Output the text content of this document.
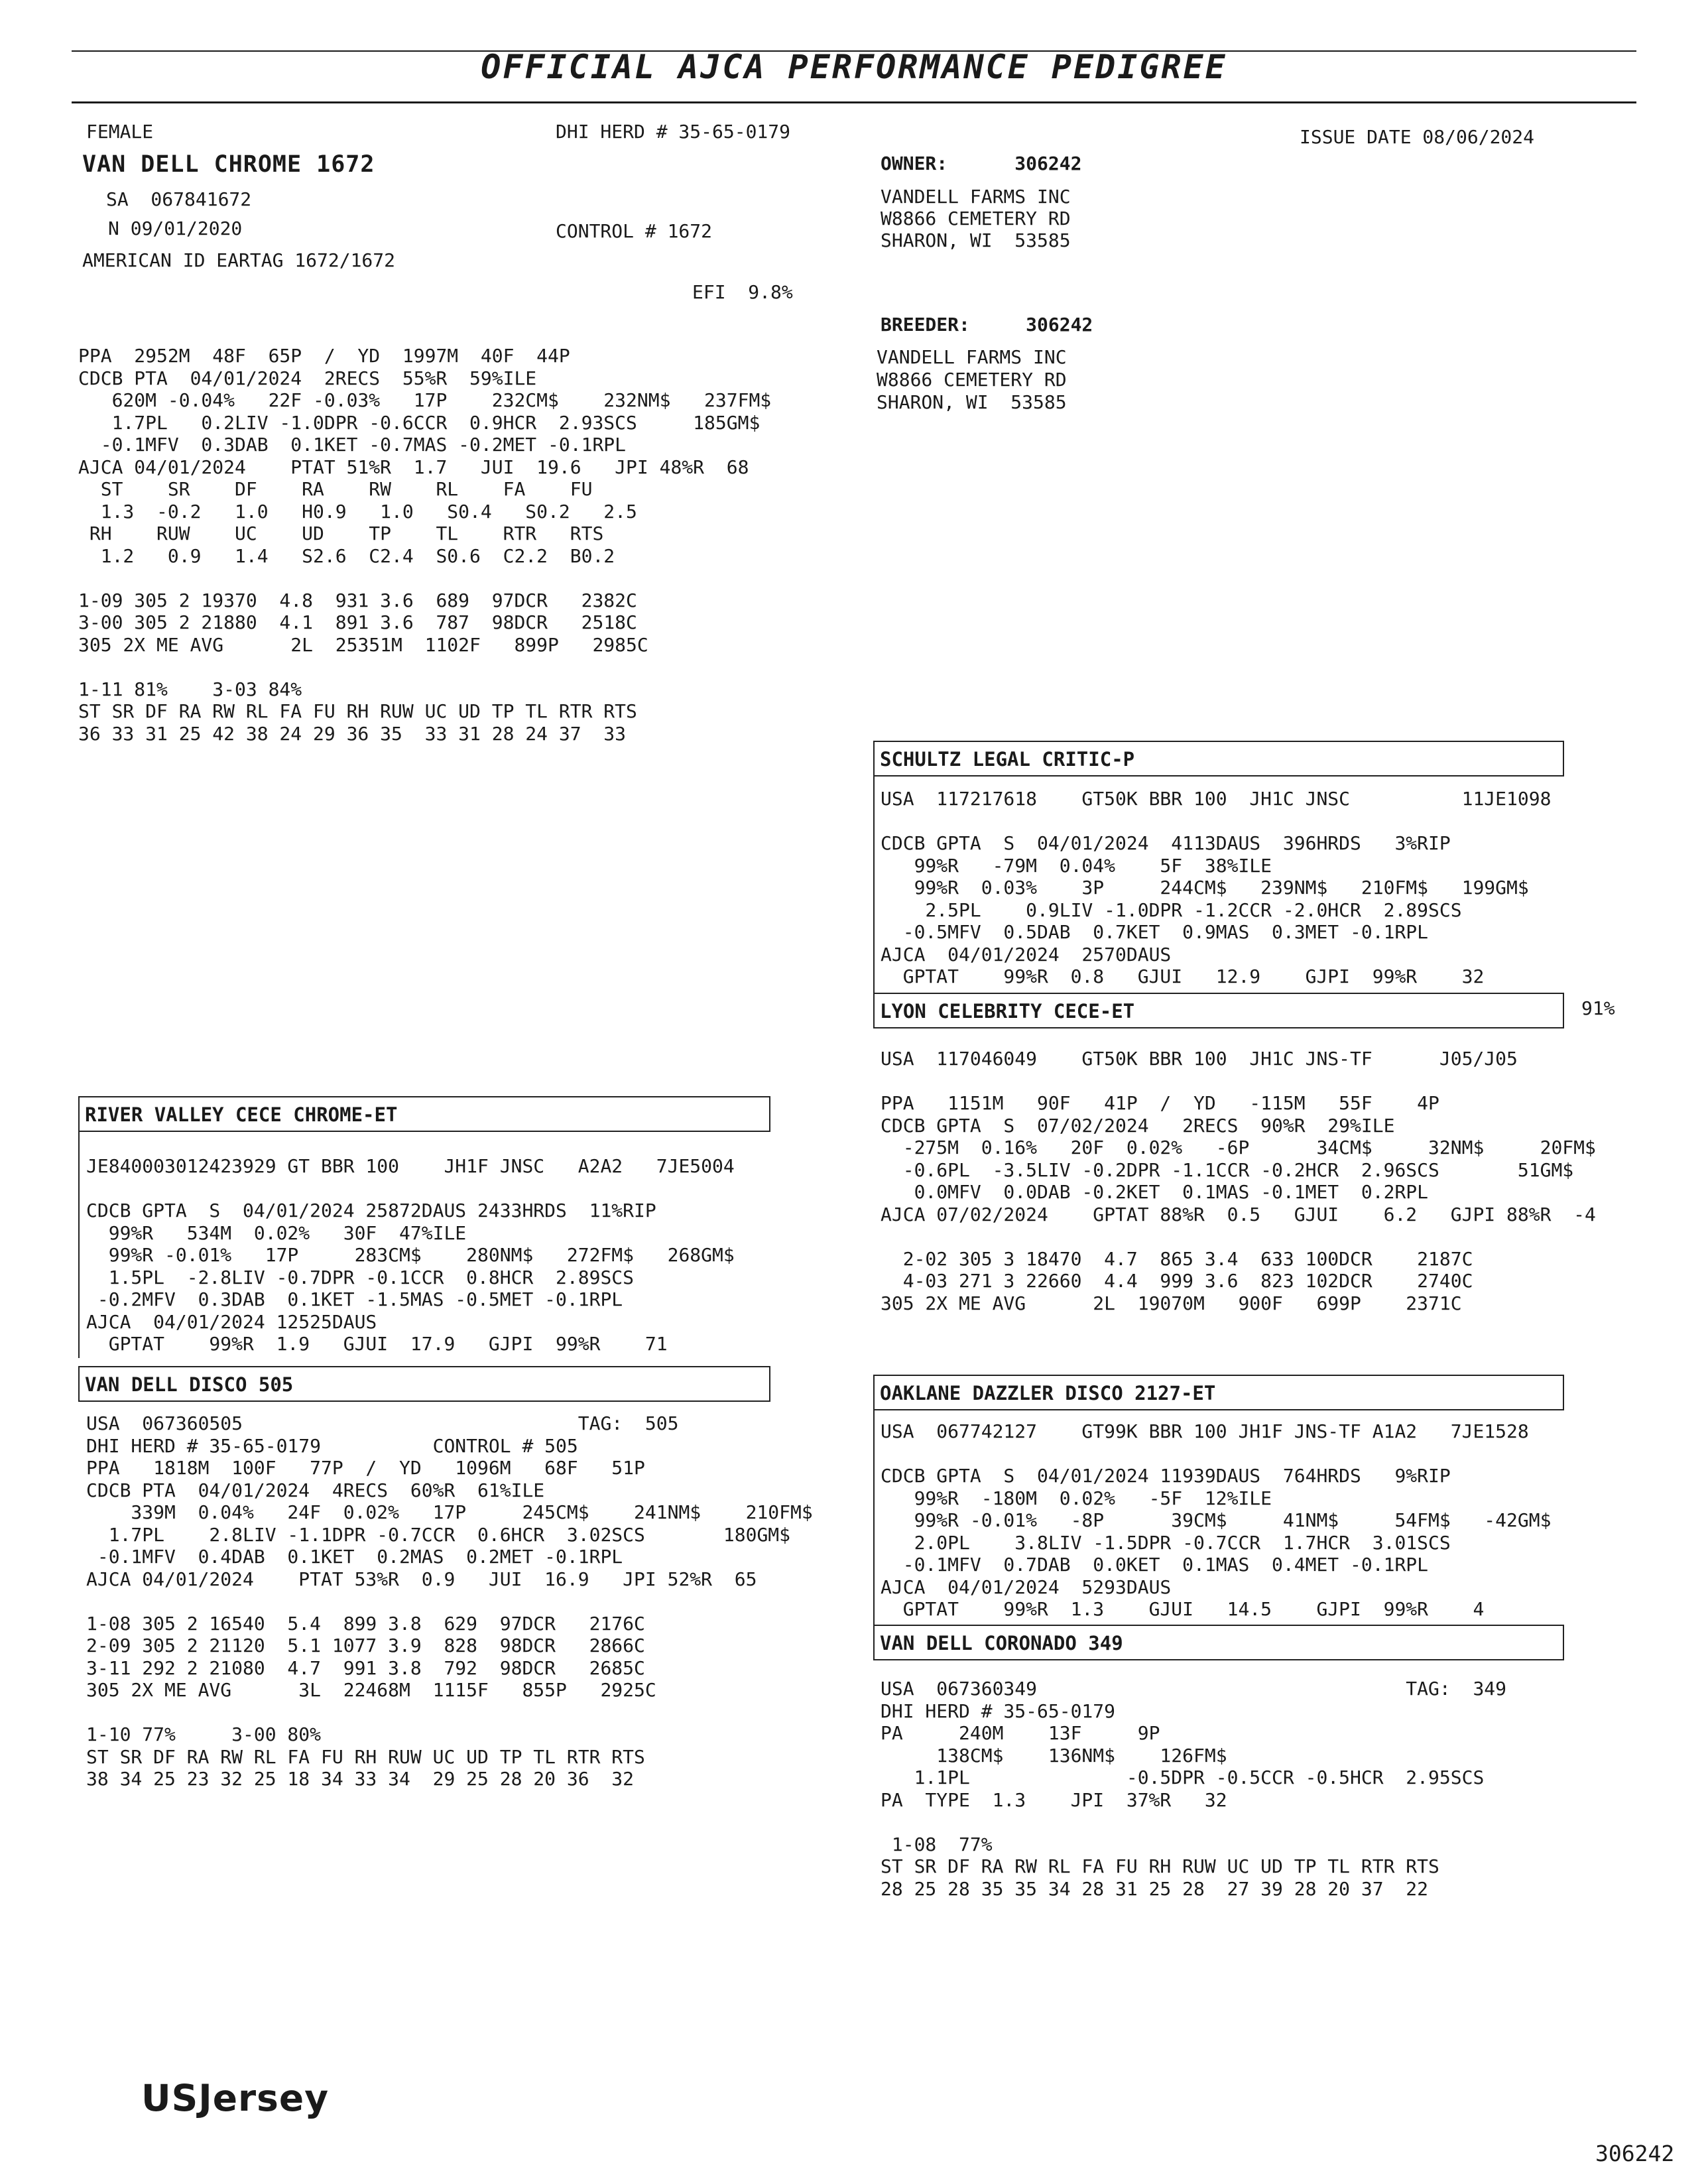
OFFICIAL AJCA PERFORMANCE PEDIGREE
FEMALE	DHI HERD # 35-65-0179	ISSUE DATE 08/06/2024
VAN DELL CHROME 1672
SA  067841672
N 09/01/2020	CONTROL # 1672
AMERICAN ID EARTAG 1672/1672
EFI  9.8%
OWNER:      306242
VANDELL FARMS INC
W8866 CEMETERY RD
SHARON, WI  53585
BREEDER:     306242
VANDELL FARMS INC
W8866 CEMETERY RD
SHARON, WI  53585
PPA  2952M  48F  65P  /  YD  1997M  40F  44P
CDCB PTA  04/01/2024  2RECS  55%R  59%ILE
620M -0.04%   22F -0.03%   17P    232CM$    232NM$   237FM$
1.7PL   0.2LIV -1.0DPR -0.6CCR  0.9HCR  2.93SCS     185GM$
-0.1MFV  0.3DAB  0.1KET -0.7MAS -0.2MET -0.1RPL
AJCA 04/01/2024    PTAT 51%R  1.7   JUI  19.6   JPI 48%R  68
ST    SR    DF    RA    RW    RL    FA    FU
1.3  -0.2   1.0   H0.9   1.0   S0.4   S0.2   2.5
RH    RUW    UC    UD    TP    TL    RTR   RTS
1.2   0.9   1.4   S2.6  C2.4  S0.6  C2.2  B0.2
1-09 305 2 19370  4.8  931 3.6  689  97DCR   2382C
3-00 305 2 21880  4.1  891 3.6  787  98DCR   2518C
305 2X ME AVG      2L  25351M  1102F   899P   2985C
1-11 81%    3-03 84%
ST SR DF RA RW RL FA FU RH RUW UC UD TP TL RTR RTS
36 33 31 25 42 38 24 29 36 35  33 31 28 24 37  33
SCHULTZ LEGAL CRITIC-P
USA  117217618    GT50K BBR 100  JH1C JNSC          11JE1098
CDCB GPTA  S  04/01/2024  4113DAUS  396HRDS   3%RIP
99%R   -79M  0.04%    5F  38%ILE
99%R  0.03%    3P     244CM$   239NM$   210FM$   199GM$
2.5PL    0.9LIV -1.0DPR -1.2CCR -2.0HCR  2.89SCS
-0.5MFV  0.5DAB  0.7KET  0.9MAS  0.3MET -0.1RPL
AJCA  04/01/2024  2570DAUS
GPTAT    99%R  0.8   GJUI   12.9    GJPI  99%R    32
LYON CELEBRITY CECE-ET	91%
USA  117046049    GT50K BBR 100  JH1C JNS-TF      J05/J05
PPA   1151M   90F   41P  /  YD   -115M   55F    4P
CDCB GPTA  S  07/02/2024   2RECS  90%R  29%ILE
-275M  0.16%   20F  0.02%   -6P      34CM$     32NM$     20FM$
-0.6PL  -3.5LIV -0.2DPR -1.1CCR -0.2HCR  2.96SCS       51GM$
0.0MFV  0.0DAB -0.2KET  0.1MAS -0.1MET  0.2RPL
AJCA 07/02/2024    GPTAT 88%R  0.5   GJUI    6.2   GJPI 88%R  -4
2-02 305 3 18470  4.7  865 3.4  633 100DCR    2187C
4-03 271 3 22660  4.4  999 3.6  823 102DCR    2740C
305 2X ME AVG      2L  19070M   900F   699P    2371C
RIVER VALLEY CECE CHROME-ET
JE840003012423929 GT BBR 100    JH1F JNSC   A2A2   7JE5004
CDCB GPTA  S  04/01/2024 25872DAUS 2433HRDS  11%RIP
99%R   534M  0.02%   30F  47%ILE
99%R -0.01%   17P     283CM$    280NM$   272FM$   268GM$
1.5PL  -2.8LIV -0.7DPR -0.1CCR  0.8HCR  2.89SCS
-0.2MFV  0.3DAB  0.1KET -1.5MAS -0.5MET -0.1RPL
AJCA  04/01/2024 12525DAUS
GPTAT    99%R  1.9   GJUI  17.9   GJPI  99%R    71
OAKLANE DAZZLER DISCO 2127-ET
USA  067742127    GT99K BBR 100 JH1F JNS-TF A1A2   7JE1528
CDCB GPTA  S  04/01/2024 11939DAUS  764HRDS   9%RIP
99%R  -180M  0.02%   -5F  12%ILE
99%R -0.01%   -8P      39CM$     41NM$     54FM$   -42GM$
2.0PL    3.8LIV -1.5DPR -0.7CCR  1.7HCR  3.01SCS
-0.1MFV  0.7DAB  0.0KET  0.1MAS  0.4MET -0.1RPL
AJCA  04/01/2024  5293DAUS
GPTAT    99%R  1.3    GJUI   14.5    GJPI  99%R    4
VAN DELL DISCO 505
USA  067360505                              TAG:  505
DHI HERD # 35-65-0179          CONTROL # 505
PPA   1818M  100F   77P  /  YD   1096M   68F   51P
CDCB PTA  04/01/2024  4RECS  60%R  61%ILE
339M  0.04%   24F  0.02%   17P     245CM$    241NM$    210FM$
1.7PL    2.8LIV -1.1DPR -0.7CCR  0.6HCR  3.02SCS       180GM$
-0.1MFV  0.4DAB  0.1KET  0.2MAS  0.2MET -0.1RPL
AJCA 04/01/2024    PTAT 53%R  0.9   JUI  16.9   JPI 52%R  65
1-08 305 2 16540  5.4  899 3.8  629  97DCR   2176C
2-09 305 2 21120  5.1 1077 3.9  828  98DCR   2866C
3-11 292 2 21080  4.7  991 3.8  792  98DCR   2685C
305 2X ME AVG      3L  22468M  1115F   855P   2925C
1-10 77%     3-00 80%
ST SR DF RA RW RL FA FU RH RUW UC UD TP TL RTR RTS
38 34 25 23 32 25 18 34 33 34  29 25 28 20 36  32
VAN DELL CORONADO 349
USA  067360349                                 TAG:  349
DHI HERD # 35-65-0179
PA     240M    13F     9P
138CM$    136NM$    126FM$
1.1PL              -0.5DPR -0.5CCR -0.5HCR  2.95SCS
PA  TYPE  1.3    JPI  37%R   32
1-08  77%
ST SR DF RA RW RL FA FU RH RUW UC UD TP TL RTR RTS
28 25 28 35 35 34 28 31 25 28  27 39 28 20 37  22
USJersey
306242
